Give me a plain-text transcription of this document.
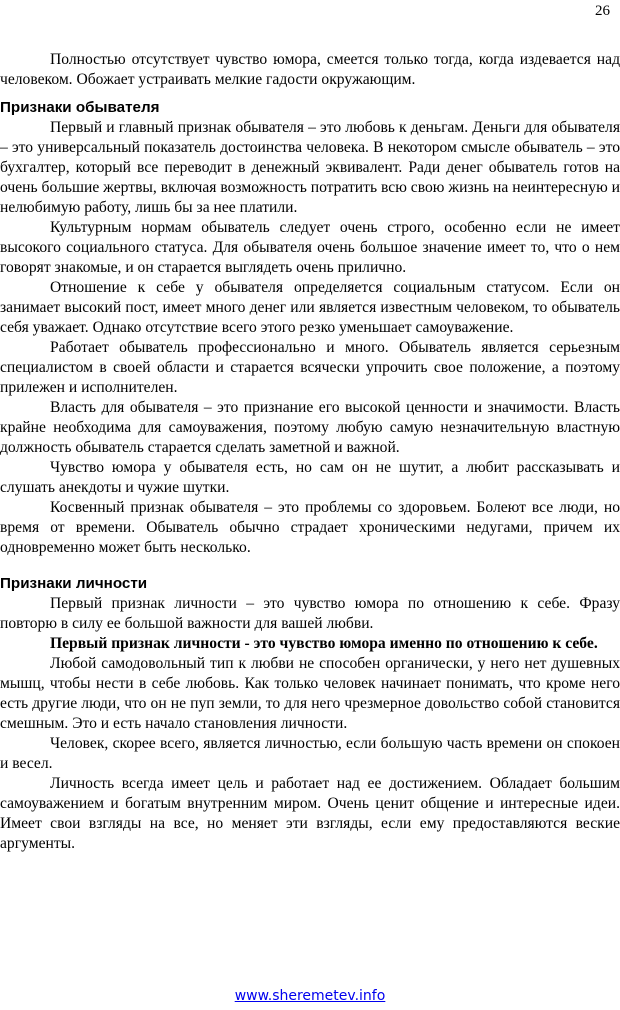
26

Полностью отсутствует чувство юмора, смеется только тогда, когда издевается над человеком. Обожает устраивать мелкие гадости окружающим.

Признаки обывателя

Первый и главный признак обывателя – это любовь к деньгам. Деньги для обывателя – это универсальный показатель достоинства человека. В некотором смысле обыватель – это бухгалтер, который все переводит в денежный эквивалент. Ради денег обыватель готов на очень большие жертвы, включая возможность потратить всю свою жизнь на неинтересную и нелюбимую работу, лишь бы за нее платили.

Культурным нормам обыватель следует очень строго, особенно если не имеет высокого социального статуса. Для обывателя очень большое значение имеет то, что о нем говорят знакомые, и он старается выглядеть очень прилично.

Отношение к себе у обывателя определяется социальным статусом. Если он занимает высокий пост, имеет много денег или является известным человеком, то обыватель себя уважает. Однако отсутствие всего этого резко уменьшает самоуважение.

Работает обыватель профессионально и много. Обыватель является серьезным специалистом в своей области и старается всячески упрочить свое положение, а поэтому прилежен и исполнителен.

Власть для обывателя – это признание его высокой ценности и значимости. Власть крайне необходима для самоуважения, поэтому любую самую незначительную властную должность обыватель старается сделать заметной и важной.

Чувство юмора у обывателя есть, но сам он не шутит, а любит рассказывать и слушать анекдоты и чужие шутки.

Косвенный признак обывателя – это проблемы со здоровьем. Болеют все люди, но время от времени. Обыватель обычно страдает хроническими недугами, причем их одновременно может быть несколько.

Признаки личности

Первый признак личности – это чувство юмора по отношению к себе. Фразу повторю в силу ее большой важности для вашей любви.

Первый признак личности - это чувство юмора именно по отношению к себе.

Любой самодовольный тип к любви не способен органически, у него нет душевных мышц, чтобы нести в себе любовь. Как только человек начинает понимать, что кроме него есть другие люди, что он не пуп земли, то для него чрезмерное довольство собой становится смешным. Это и есть начало становления личности.

Человек, скорее всего, является личностью, если большую часть времени он спокоен и весел.

Личность всегда имеет цель и работает над ее достижением. Обладает большим самоуважением и богатым внутренним миром. Очень ценит общение и интересные идеи. Имеет свои взгляды на все, но меняет эти взгляды, если ему предоставляются веские аргументы.

www.sheremetev.info
